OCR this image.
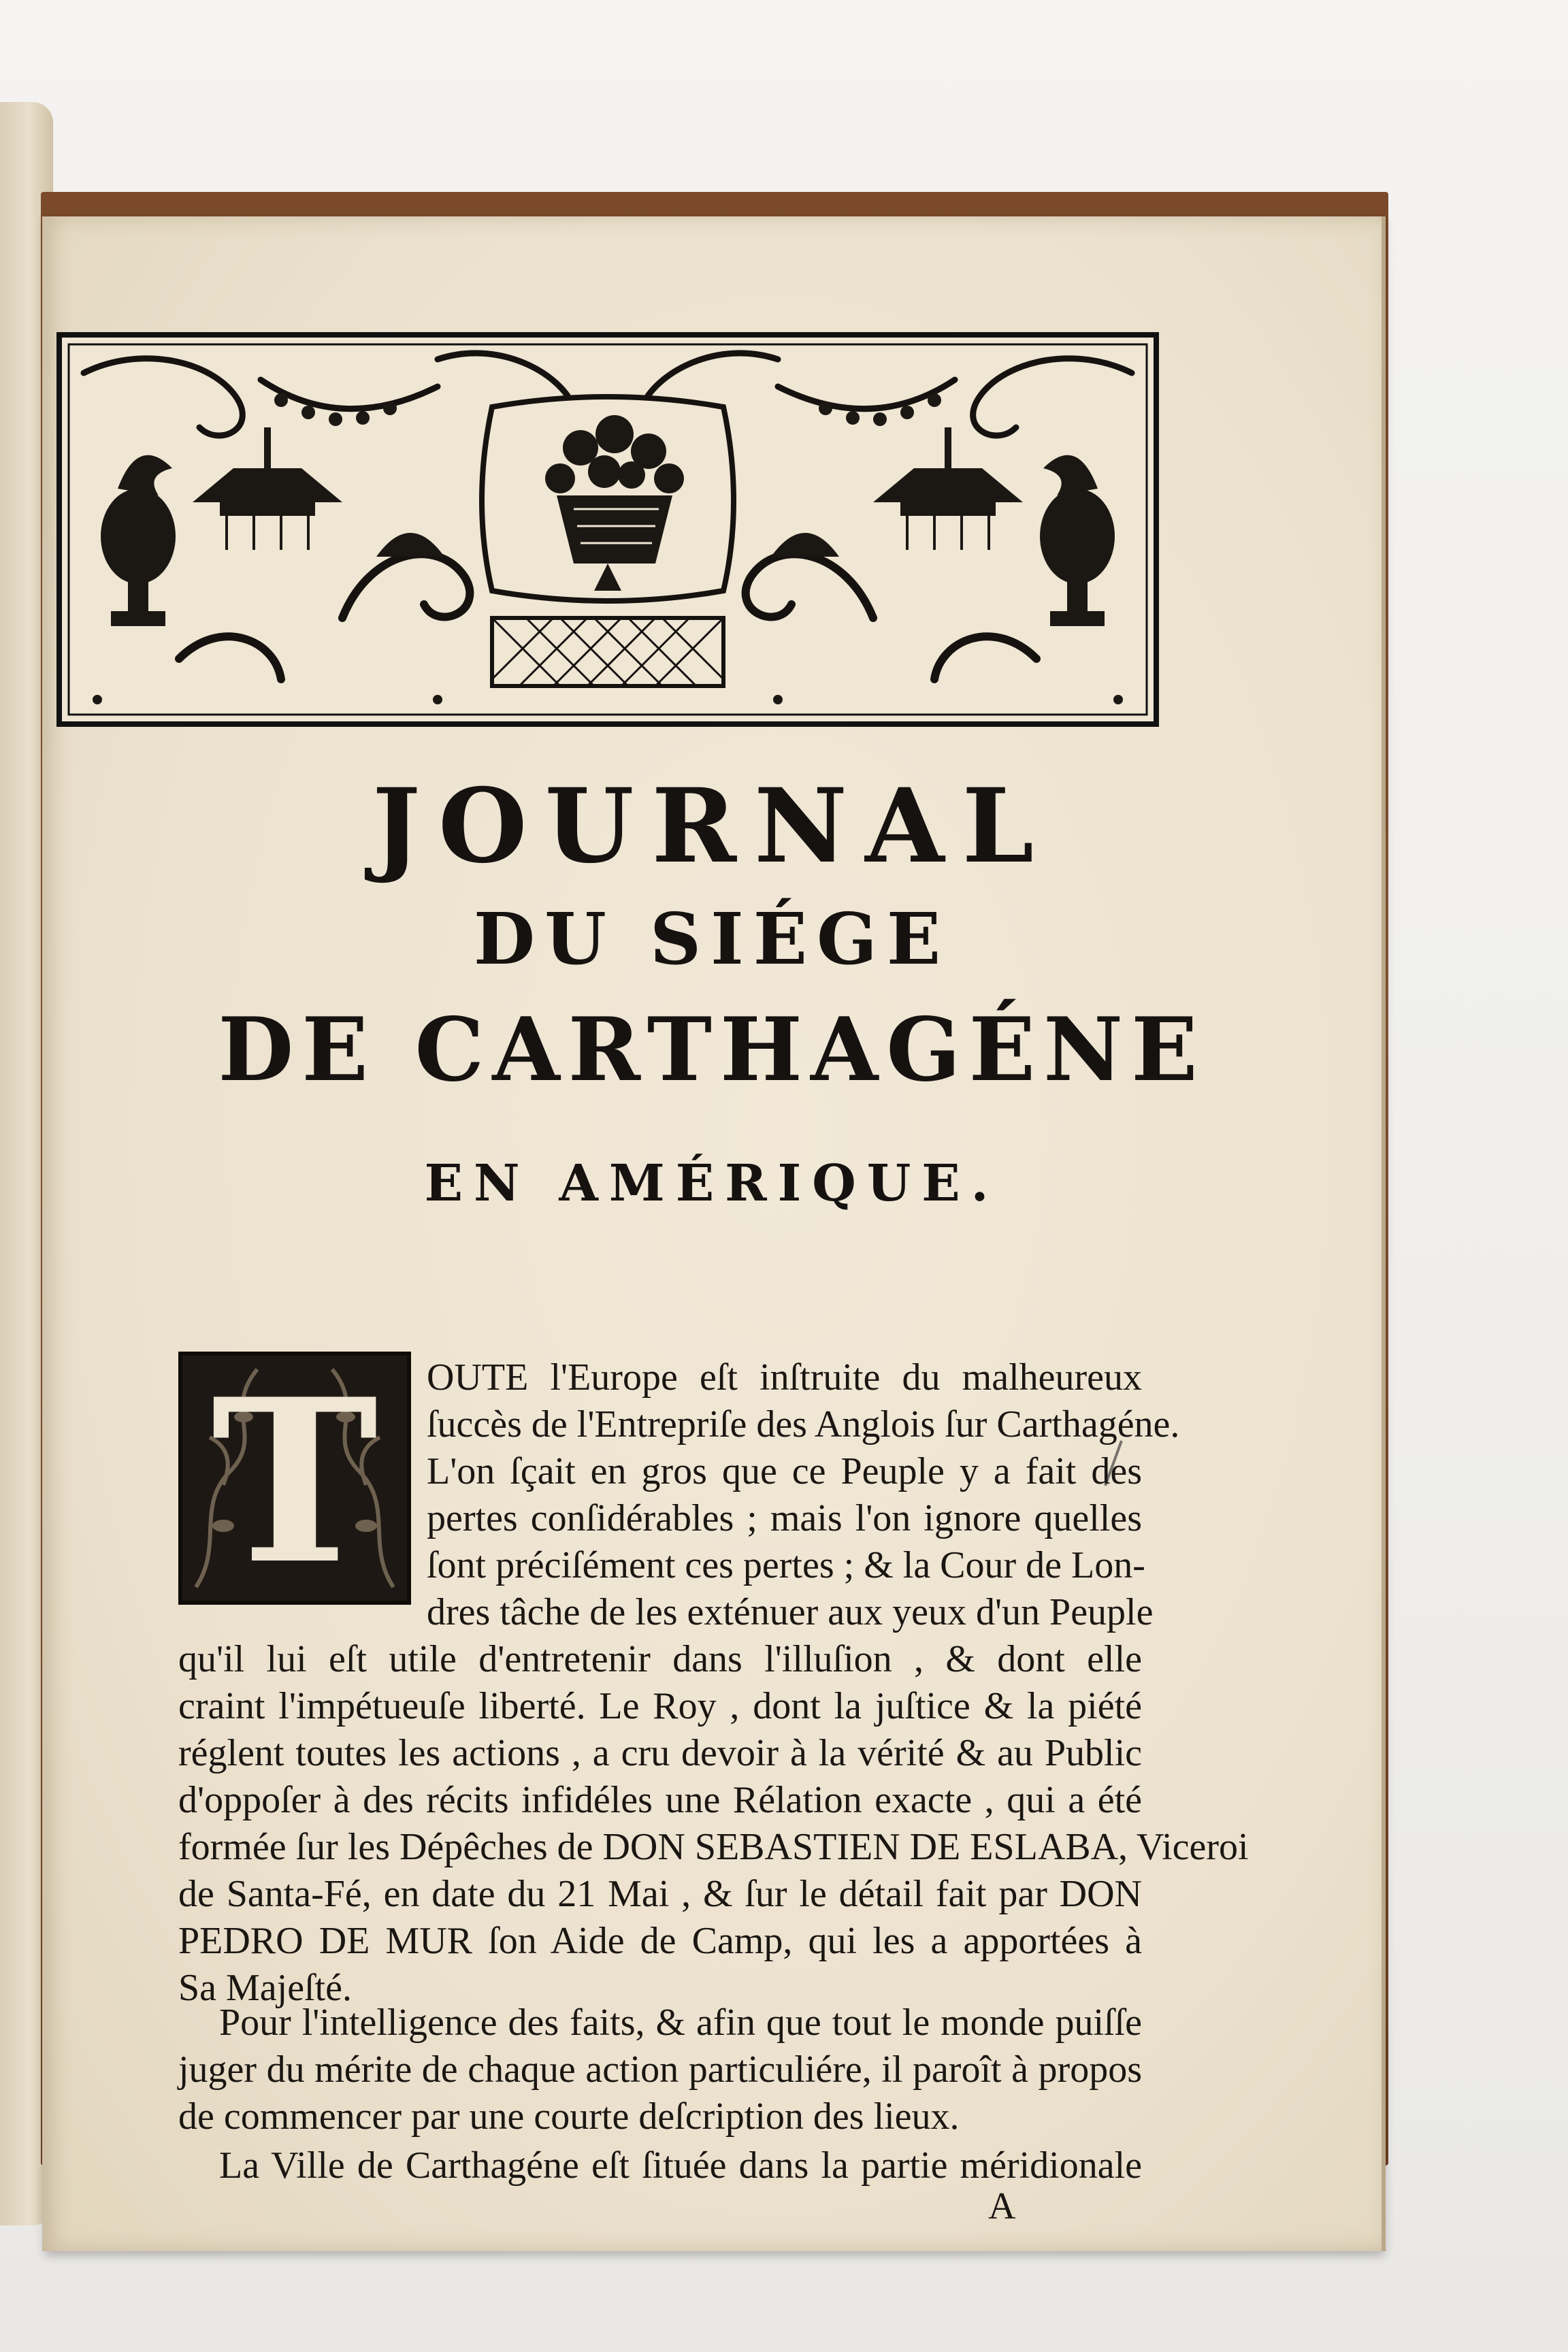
JOURNAL
DU SIÉGE
DE CARTHAGÉNE
EN AMÉRIQUE.
T	OUTE l'Europe eſt inſtruite du malheureux
ſuccès de l'Entrepriſe des Anglois ſur Carthagéne.
L'on ſçait en gros que ce Peuple y a fait des
pertes conſidérables ; mais l'on ignore quelles
ſont préciſément ces pertes ; & la Cour de Lon-
dres tâche de les exténuer aux yeux d'un Peuple
qu'il lui eſt utile d'entretenir dans l'illuſion , & dont elle
craint l'impétueuſe liberté. Le Roy , dont la juſtice & la piété
réglent toutes les actions , a cru devoir à la vérité & au Public
d'oppoſer à des récits infidéles une Rélation exacte , qui a été
formée ſur les Dépêches de DON SEBASTIEN DE ESLABA, Viceroi
de Santa-Fé, en date du 21 Mai , & ſur le détail fait par DON
PEDRO DE MUR ſon Aide de Camp, qui les a apportées à
Sa Majeſté.
Pour l'intelligence des faits, & afin que tout le monde puiſſe
juger du mérite de chaque action particuliére, il paroît à propos
de commencer par une courte deſcription des lieux.
La Ville de Carthagéne eſt ſituée dans la partie méridionale
A
